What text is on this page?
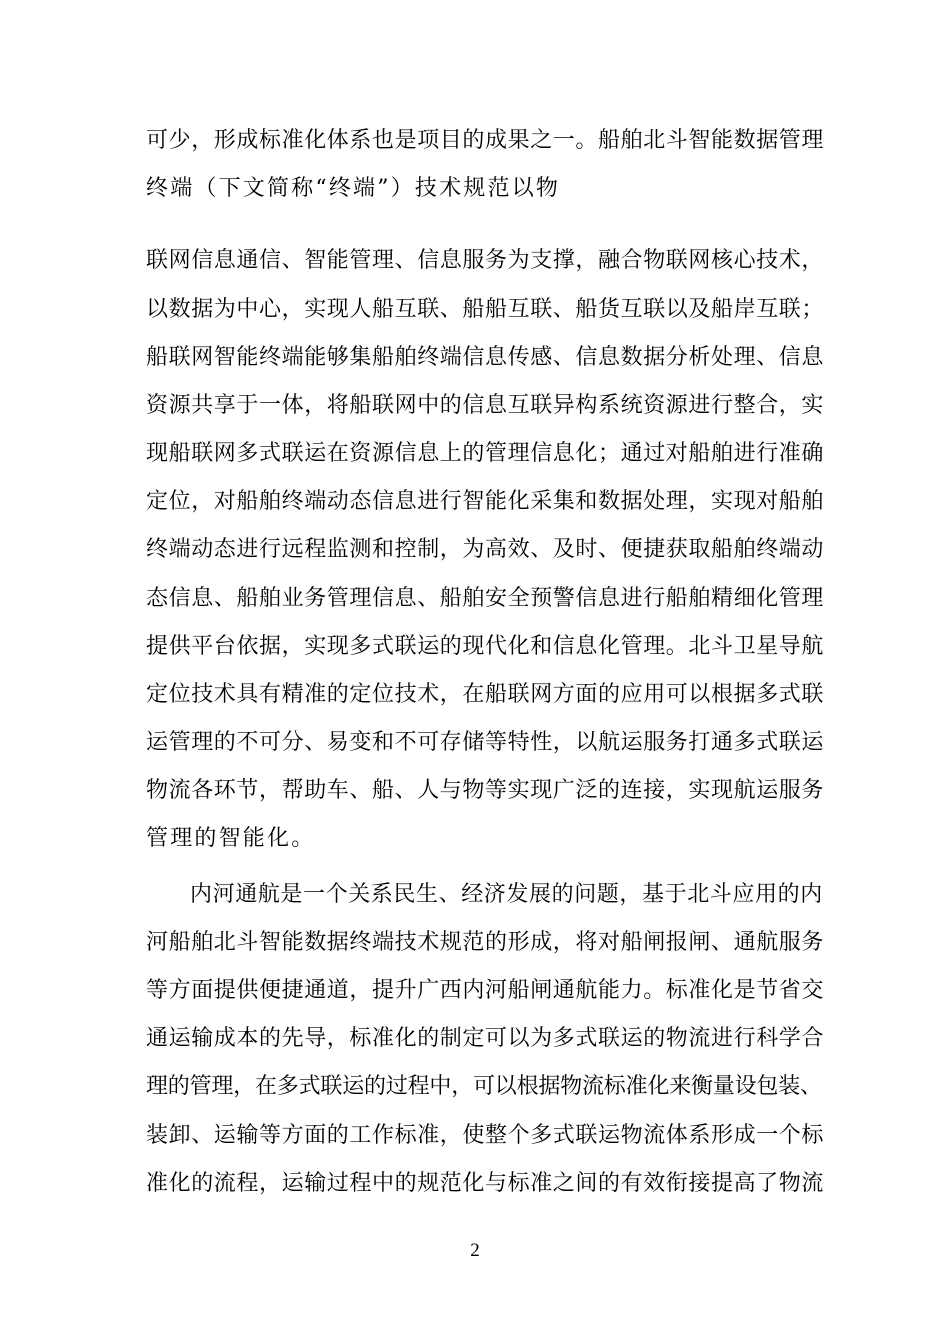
可少，形成标准化体系也是项目的成果之一。船舶北斗智能数据管理
终端（下文简称“终端”）技术规范以物
联网信息通信、智能管理、信息服务为支撑，融合物联网核心技术，
以数据为中心，实现人船互联、船船互联、船货互联以及船岸互联；
船联网智能终端能够集船舶终端信息传感、信息数据分析处理、信息
资源共享于一体，将船联网中的信息互联异构系统资源进行整合，实
现船联网多式联运在资源信息上的管理信息化；通过对船舶进行准确
定位，对船舶终端动态信息进行智能化采集和数据处理，实现对船舶
终端动态进行远程监测和控制，为高效、及时、便捷获取船舶终端动
态信息、船舶业务管理信息、船舶安全预警信息进行船舶精细化管理
提供平台依据，实现多式联运的现代化和信息化管理。北斗卫星导航
定位技术具有精准的定位技术，在船联网方面的应用可以根据多式联
运管理的不可分、易变和不可存储等特性，以航运服务打通多式联运
物流各环节，帮助车、船、人与物等实现广泛的连接，实现航运服务
管理的智能化。
内河通航是一个关系民生、经济发展的问题，基于北斗应用的内
河船舶北斗智能数据终端技术规范的形成，将对船闸报闸、通航服务
等方面提供便捷通道，提升广西内河船闸通航能力。标准化是节省交
通运输成本的先导，标准化的制定可以为多式联运的物流进行科学合
理的管理，在多式联运的过程中，可以根据物流标准化来衡量设包装、
装卸、运输等方面的工作标准，使整个多式联运物流体系形成一个标
准化的流程，运输过程中的规范化与标准之间的有效衔接提高了物流
2
